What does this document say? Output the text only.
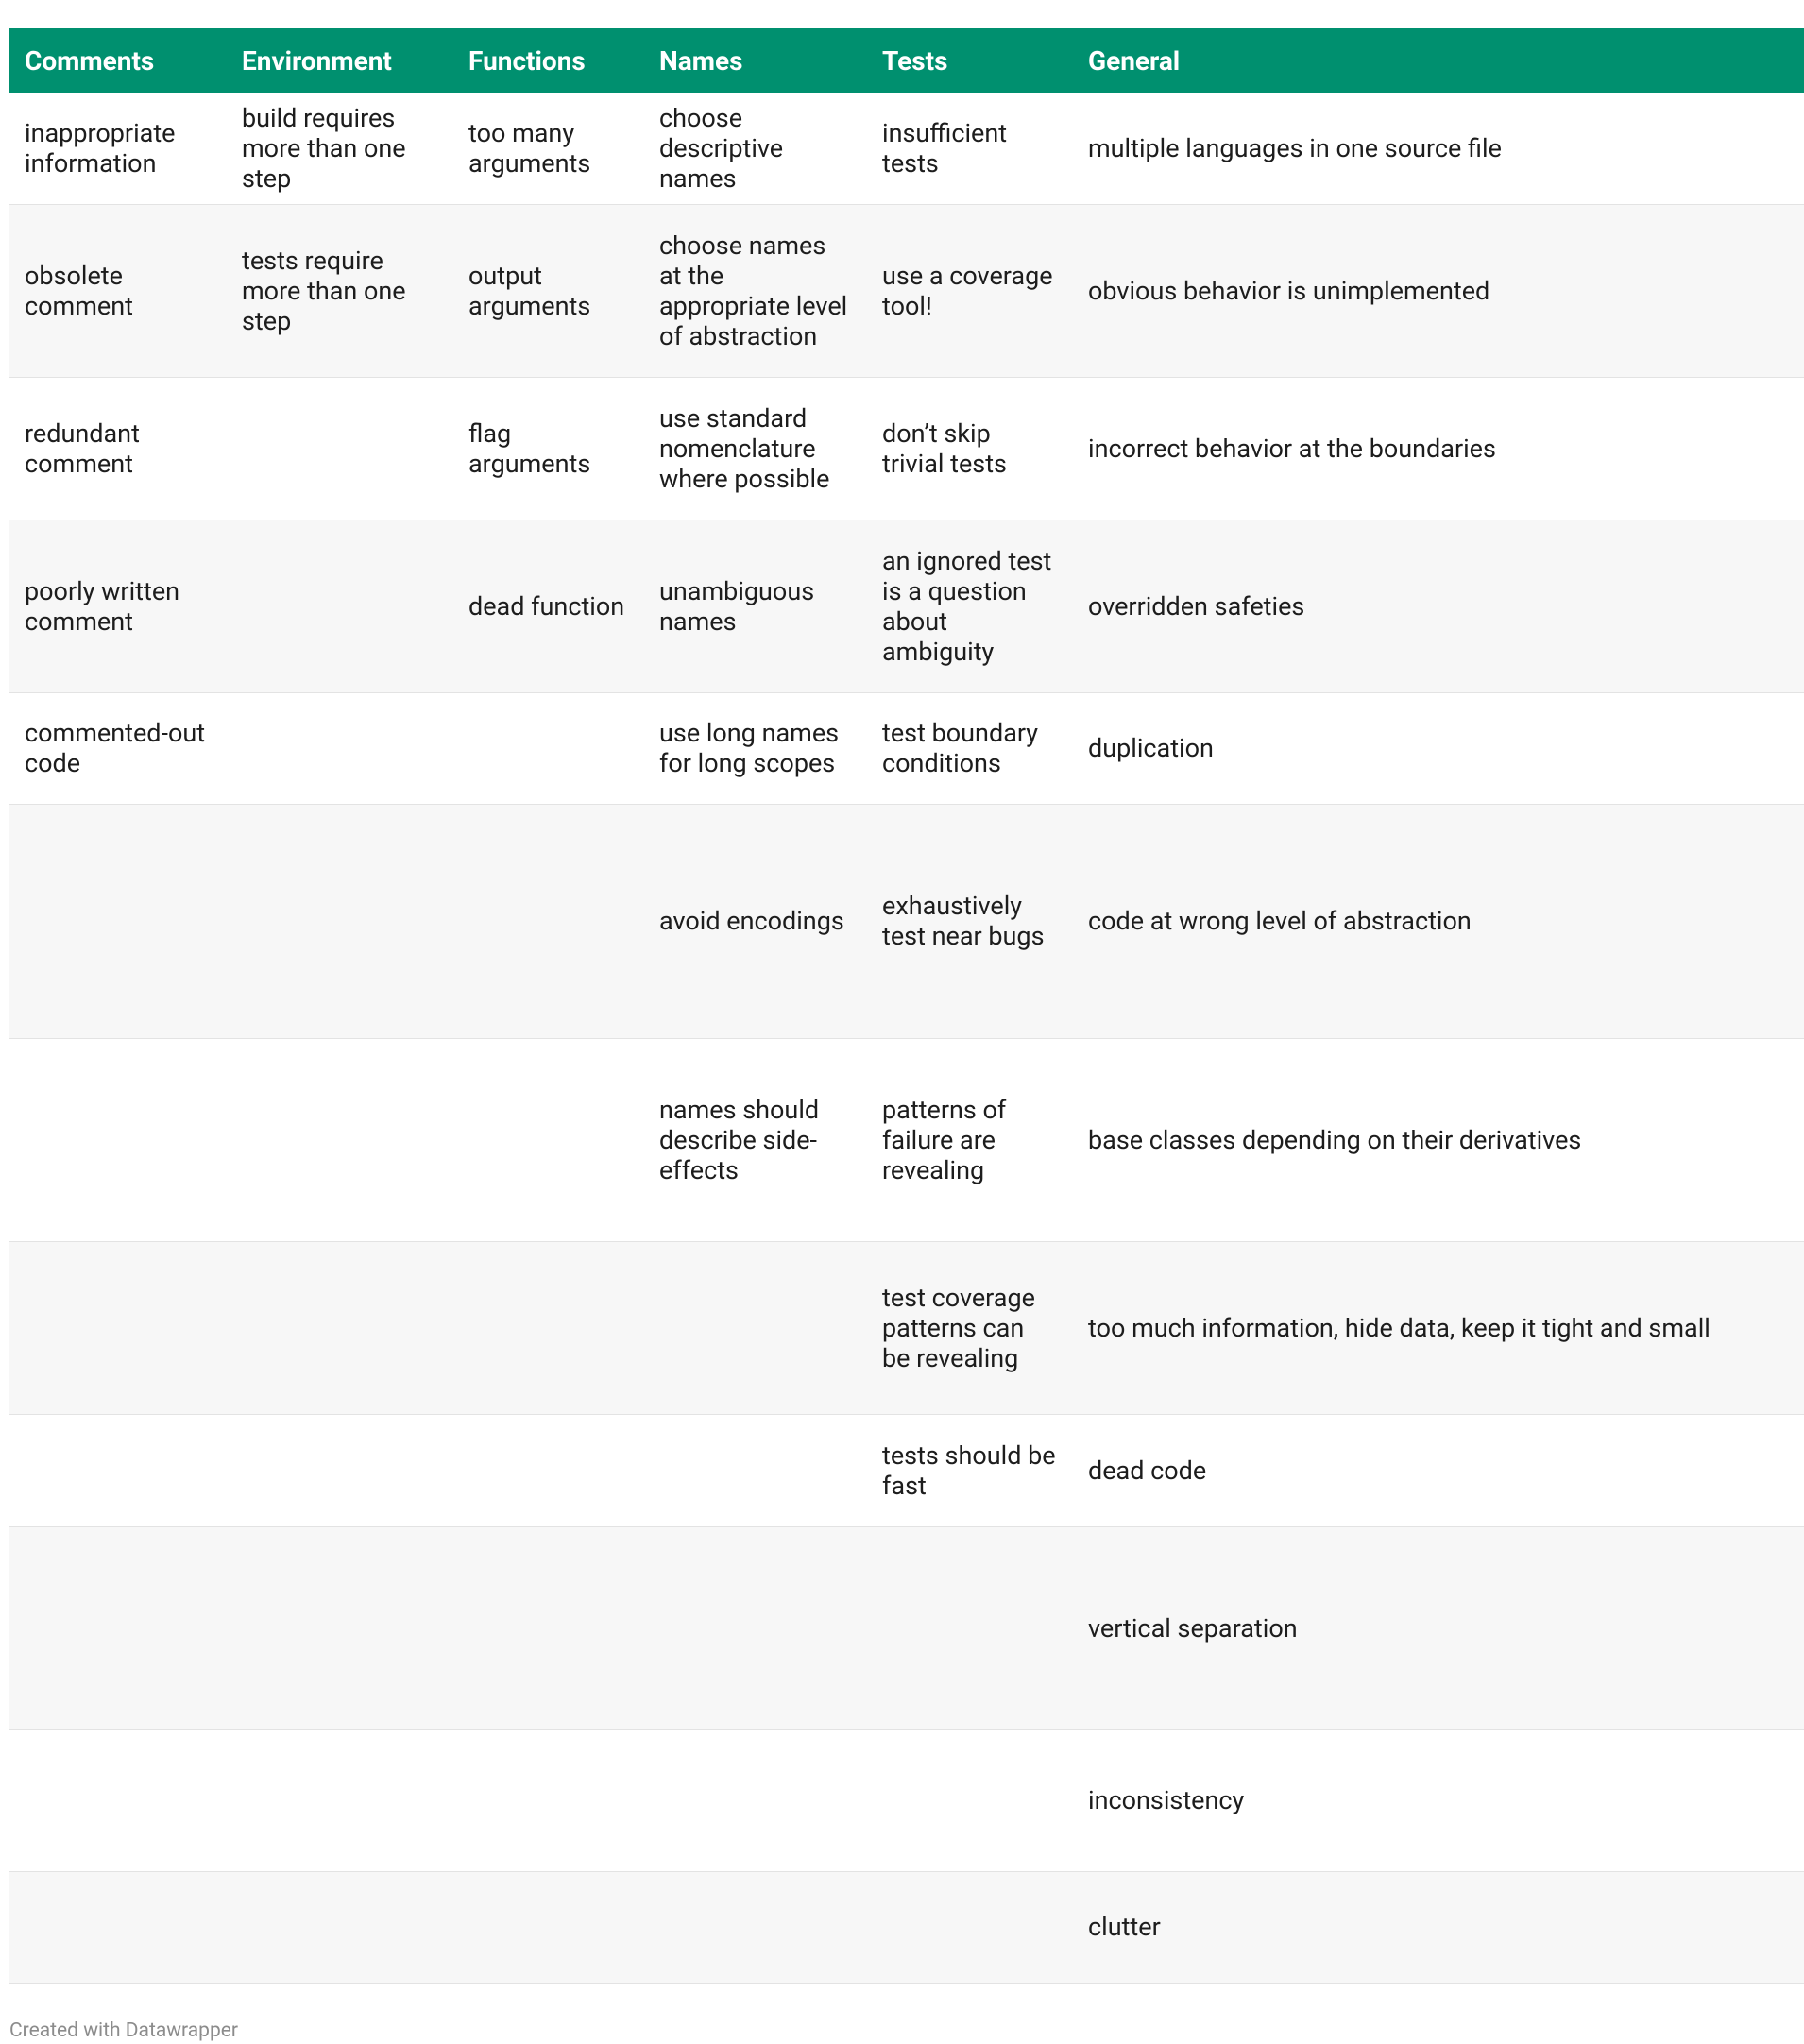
Comments	Environment	Functions	Names	Tests	General
inappropriate information	build requires more than one step	too many arguments	choose descriptive names	insufficient tests	multiple languages in one source file
obsolete comment	tests require more than one step	output arguments	choose names at the appropriate level of abstraction	use a coverage tool!	obvious behavior is unimplemented
redundant comment		flag arguments	use standard nomenclature where possible	don’t skip trivial tests	incorrect behavior at the boundaries
poorly written comment		dead function	unambiguous names	an ignored test is a question about ambiguity	overridden safeties
commented-out code			use long names for long scopes	test boundary conditions	duplication
			avoid encodings	exhaustively test near bugs	code at wrong level of abstraction
			names should describe side-effects	patterns of failure are revealing	base classes depending on their derivatives
				test coverage patterns can be revealing	too much information, hide data, keep it tight and small
				tests should be fast	dead code
					vertical separation
					inconsistency
					clutter
Created with Datawrapper
